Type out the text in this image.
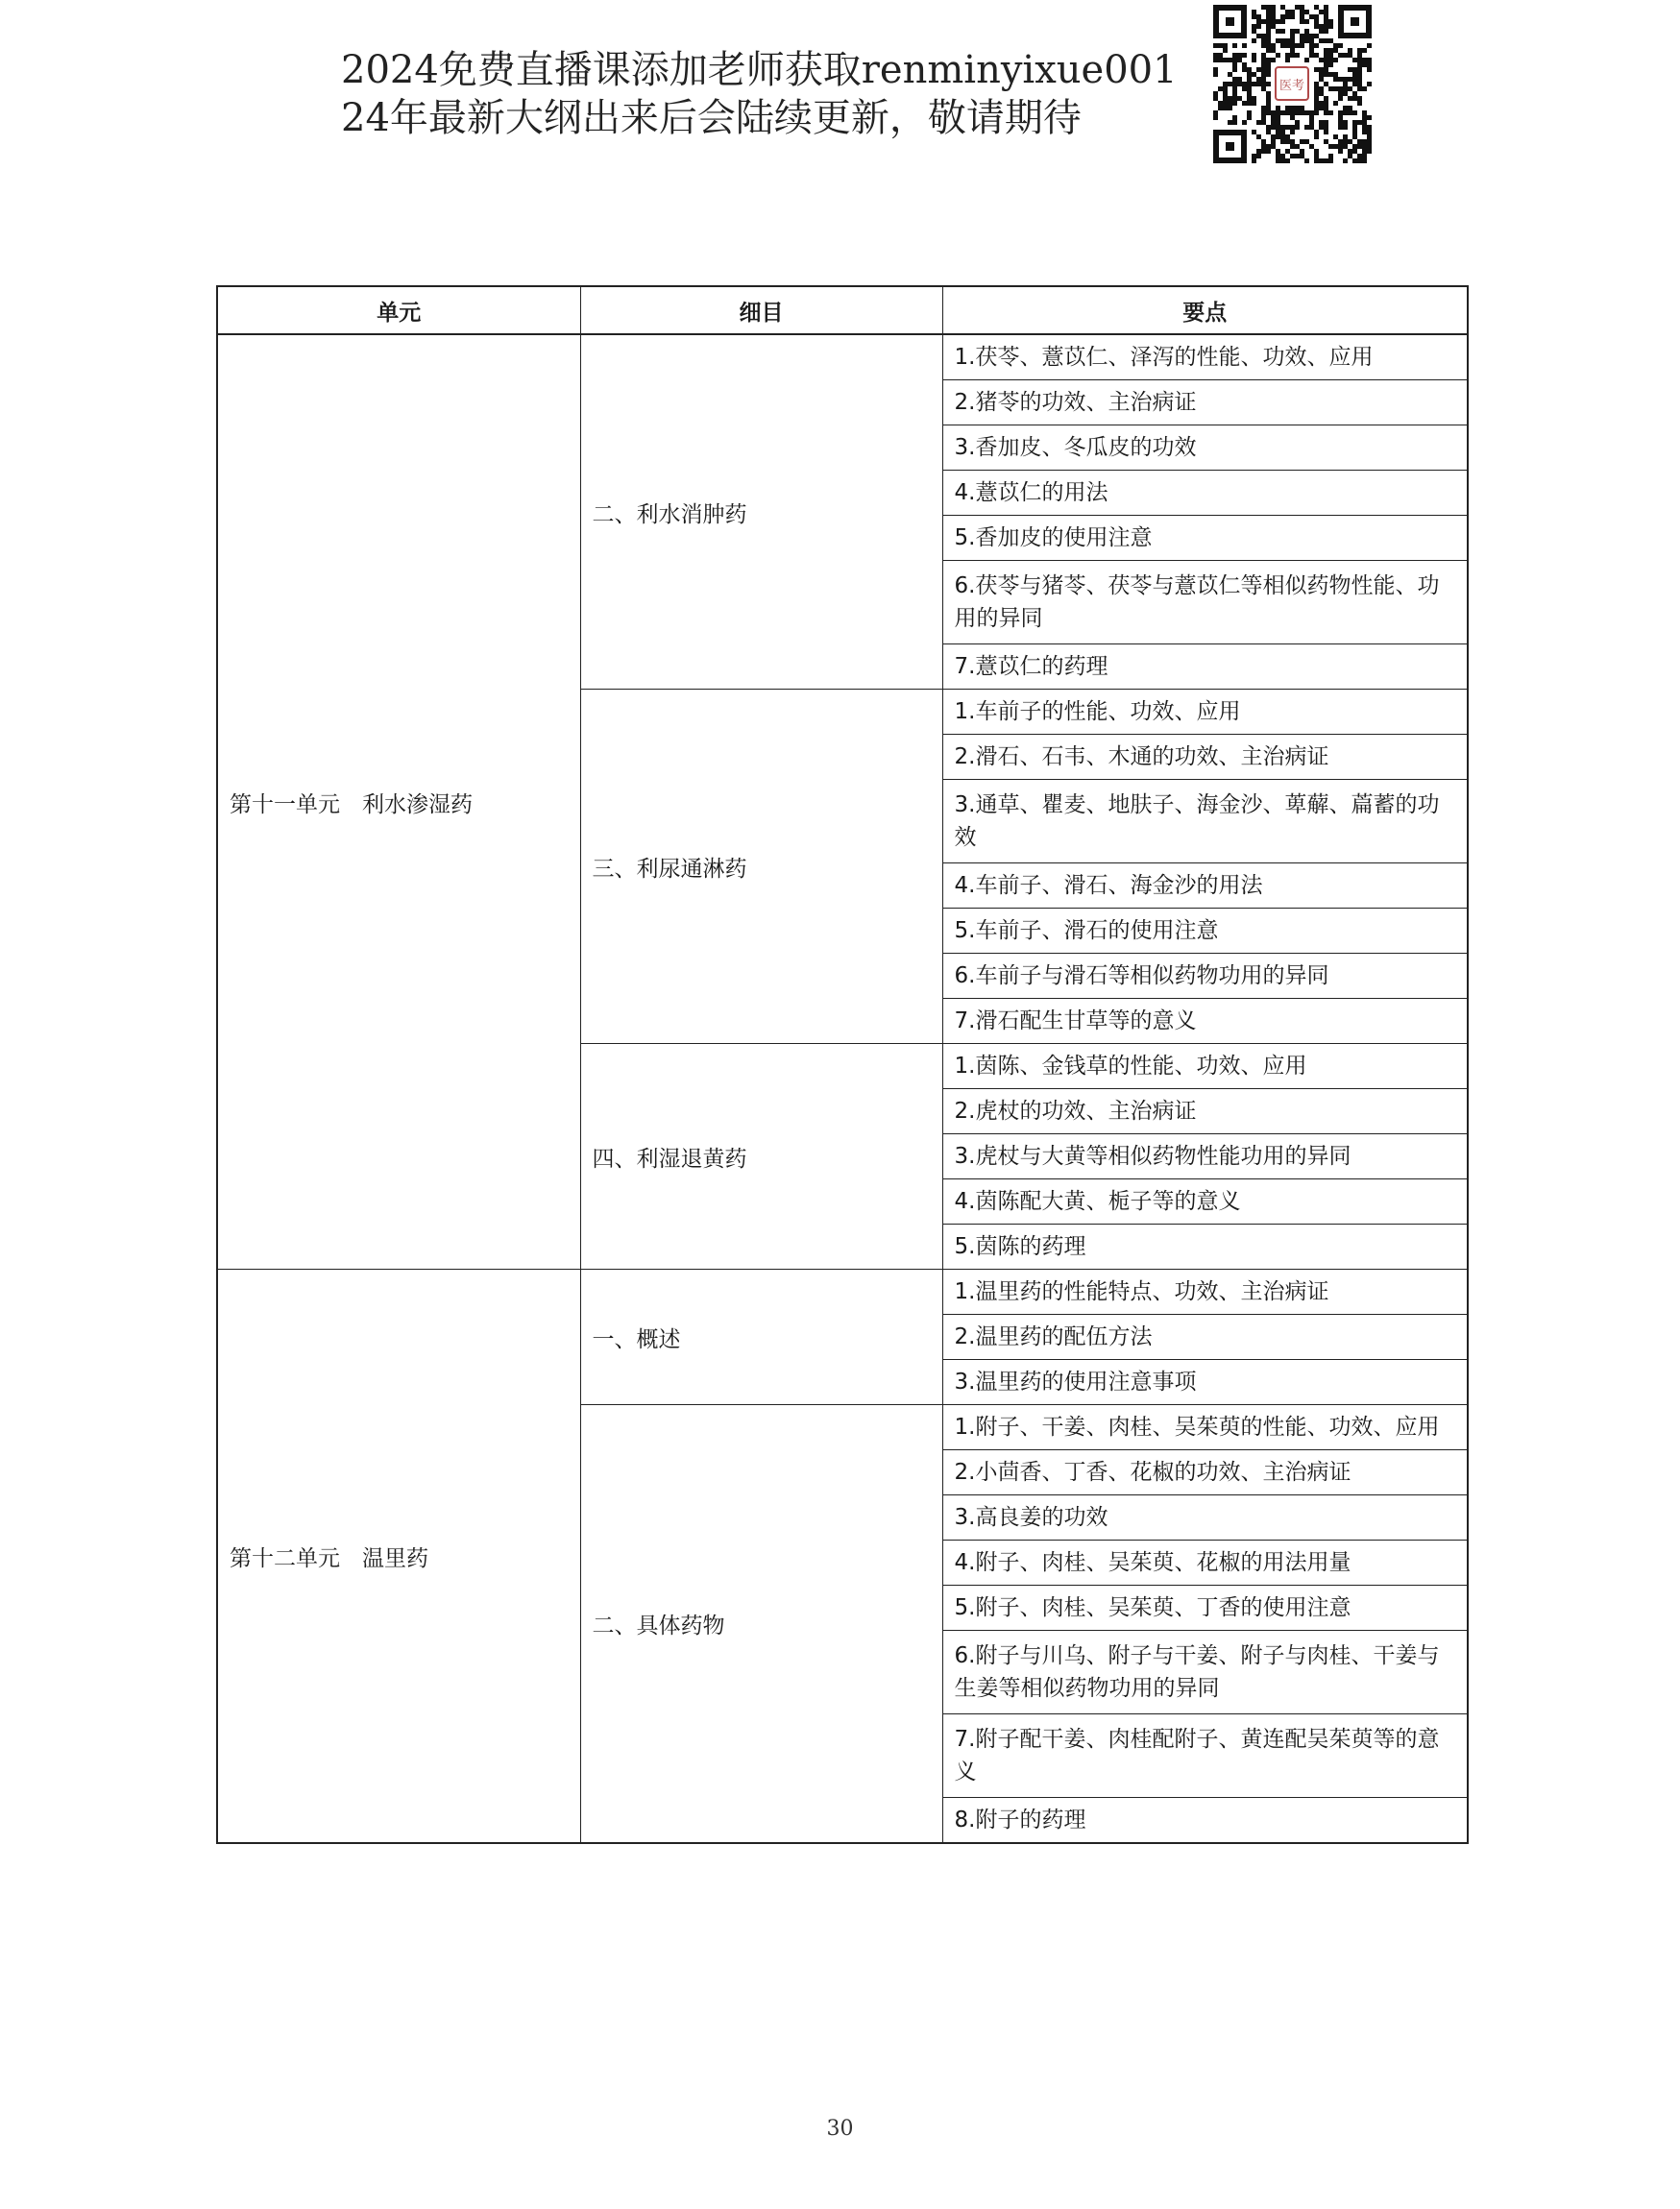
2024免费直播课添加老师获取renminyixue001
24年最新大纲出来后会陆续更新，敬请期待
医考
单元	细目	要点
第十一单元　利水渗湿药	二、利水消肿药	1.茯苓、薏苡仁、泽泻的性能、功效、应用
		2.猪苓的功效、主治病证
		3.香加皮、冬瓜皮的功效
		4.薏苡仁的用法
		5.香加皮的使用注意
		6.茯苓与猪苓、茯苓与薏苡仁等相似药物性能、功用的异同
		7.薏苡仁的药理
	三、利尿通淋药	1.车前子的性能、功效、应用
		2.滑石、石韦、木通的功效、主治病证
		3.通草、瞿麦、地肤子、海金沙、萆薢、萹蓄的功效
		4.车前子、滑石、海金沙的用法
		5.车前子、滑石的使用注意
		6.车前子与滑石等相似药物功用的异同
		7.滑石配生甘草等的意义
	四、利湿退黄药	1.茵陈、金钱草的性能、功效、应用
		2.虎杖的功效、主治病证
		3.虎杖与大黄等相似药物性能功用的异同
		4.茵陈配大黄、栀子等的意义
		5.茵陈的药理
第十二单元　温里药	一、概述	1.温里药的性能特点、功效、主治病证
		2.温里药的配伍方法
		3.温里药的使用注意事项
	二、具体药物	1.附子、干姜、肉桂、吴茱萸的性能、功效、应用
		2.小茴香、丁香、花椒的功效、主治病证
		3.高良姜的功效
		4.附子、肉桂、吴茱萸、花椒的用法用量
		5.附子、肉桂、吴茱萸、丁香的使用注意
		6.附子与川乌、附子与干姜、附子与肉桂、干姜与生姜等相似药物功用的异同
		7.附子配干姜、肉桂配附子、黄连配吴茱萸等的意义
		8.附子的药理
30
